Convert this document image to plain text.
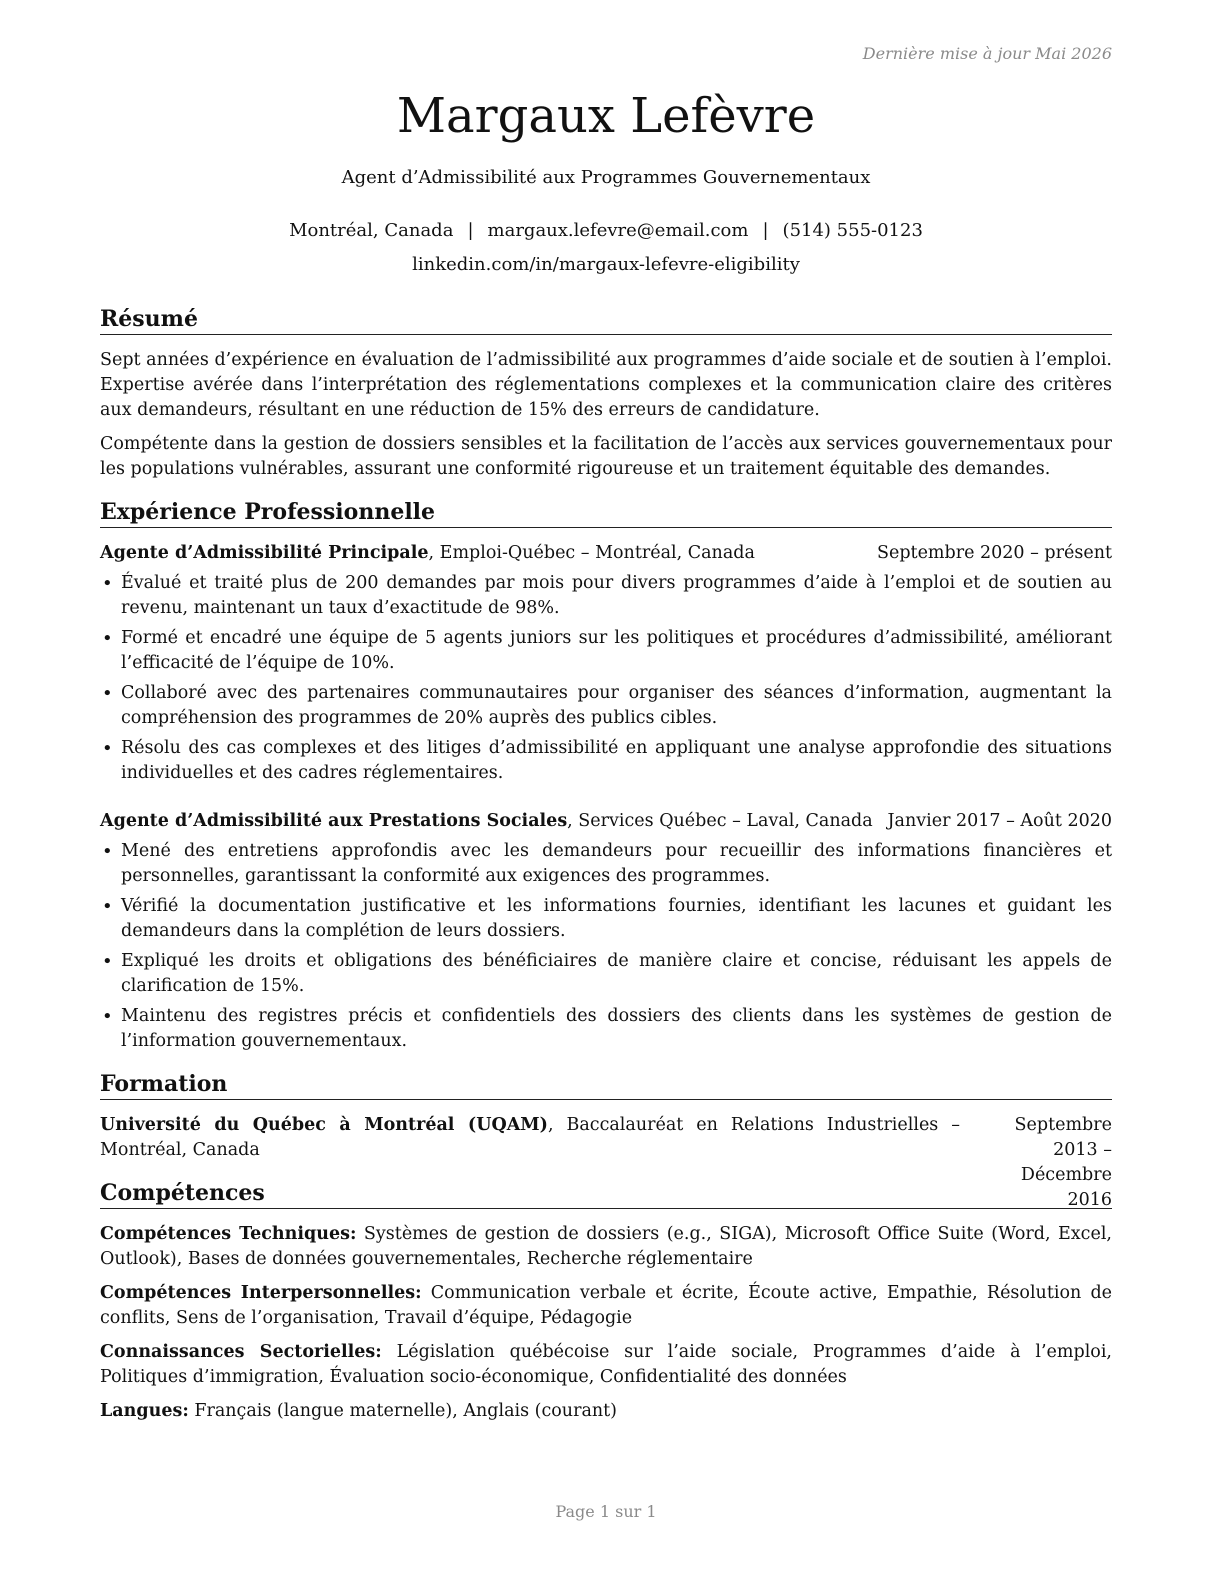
Dernière mise à jour Mai 2026
Margaux Lefèvre
Agent d’Admissibilité aux Programmes Gouvernementaux
Montréal, Canada | margaux.lefevre@email.com | (514) 555-0123
linkedin.com/in/margaux-lefevre-eligibility
Résumé
Sept années d’expérience en évaluation de l’admissibilité aux programmes d’aide sociale et de soutien à l’emploi. Expertise avérée dans l’interprétation des réglementations complexes et la communication claire des critères aux demandeurs, résultant en une réduction de 15% des erreurs de candidature.
Compétente dans la gestion de dossiers sensibles et la facilitation de l’accès aux services gouvernementaux pour les populations vulnérables, assurant une conformité rigoureuse et un traitement équitable des demandes.
Expérience Professionnelle
Agente d’Admissibilité Principale, Emploi-Québec – Montréal, Canada	Septembre 2020 – présent
• Évalué et traité plus de 200 demandes par mois pour divers programmes d’aide à l’emploi et de soutien au revenu, maintenant un taux d’exactitude de 98%.
• Formé et encadré une équipe de 5 agents juniors sur les politiques et procédures d’admissibilité, améliorant l’efficacité de l’équipe de 10%.
• Collaboré avec des partenaires communautaires pour organiser des séances d’information, augmentant la compréhension des programmes de 20% auprès des publics cibles.
• Résolu des cas complexes et des litiges d’admissibilité en appliquant une analyse approfondie des situations individuelles et des cadres réglementaires.
Agente d’Admissibilité aux Prestations Sociales, Services Québec – Laval, Canada Janvier 2017 – Août 2020
• Mené des entretiens approfondis avec les demandeurs pour recueillir des informations financières et personnelles, garantissant la conformité aux exigences des programmes.
• Vérifié la documentation justificative et les informations fournies, identifiant les lacunes et guidant les demandeurs dans la complétion de leurs dossiers.
• Expliqué les droits et obligations des bénéficiaires de manière claire et concise, réduisant les appels de clarification de 15%.
• Maintenu des registres précis et confidentiels des dossiers des clients dans les systèmes de gestion de l’information gouvernementaux.
Formation
Université du Québec à Montréal (UQAM), Baccalauréat en Relations Industrielles – Montréal, Canada
Septembre 2013 – Décembre 2016
Compétences
Compétences Techniques: Systèmes de gestion de dossiers (e.g., SIGA), Microsoft Office Suite (Word, Excel, Outlook), Bases de données gouvernementales, Recherche réglementaire
Compétences Interpersonnelles: Communication verbale et écrite, Écoute active, Empathie, Résolution de conflits, Sens de l’organisation, Travail d’équipe, Pédagogie
Connaissances Sectorielles: Législation québécoise sur l’aide sociale, Programmes d’aide à l’emploi, Politiques d’immigration, Évaluation socio-économique, Confidentialité des données
Langues: Français (langue maternelle), Anglais (courant)
Page 1 sur 1
